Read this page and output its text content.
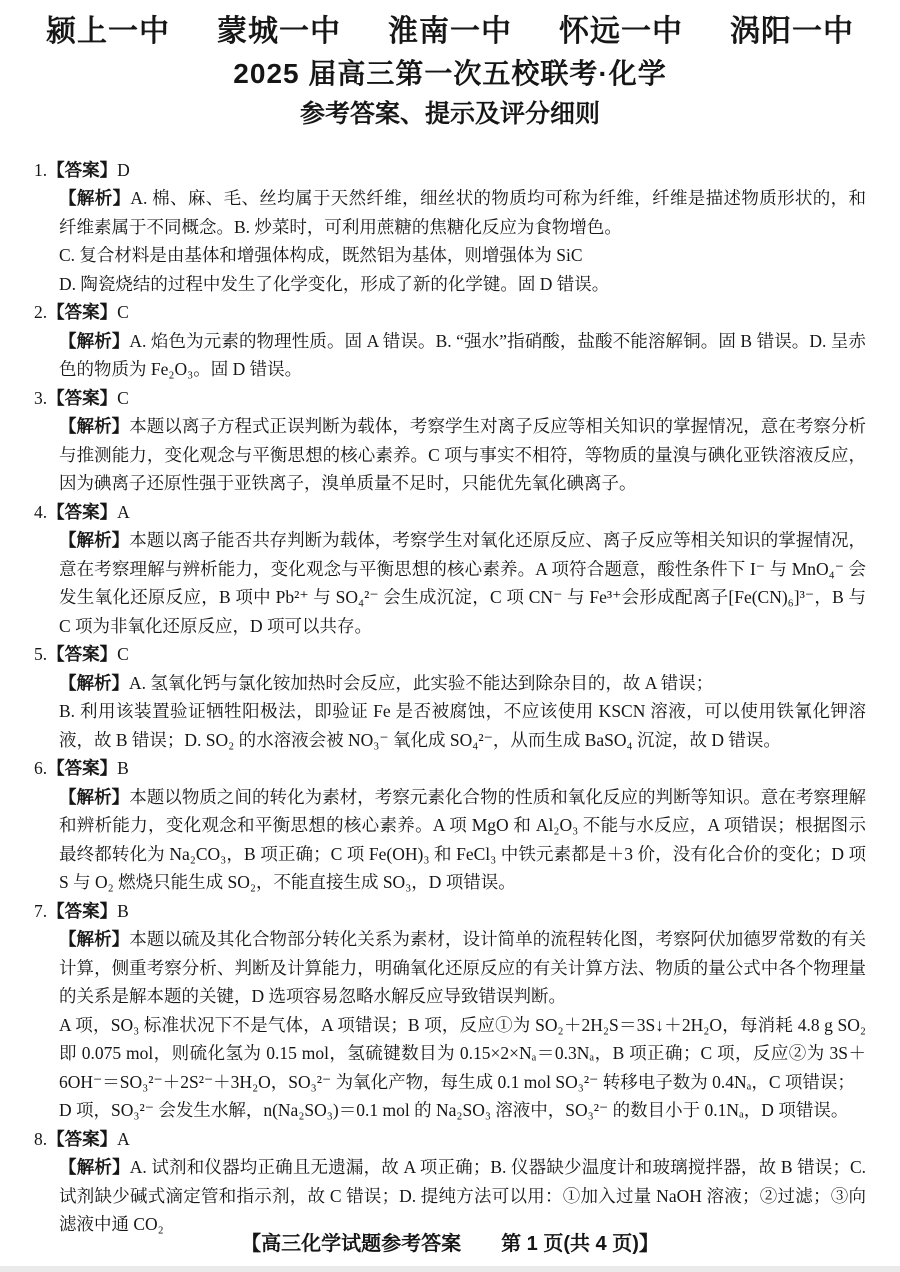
颍上一中 蒙城一中 淮南一中 怀远一中 涡阳一中
2025 届高三第一次五校联考·化学
参考答案、提示及评分细则
1.【答案】D

【解析】A. 棉、麻、毛、丝均属于天然纤维，细丝状的物质均可称为纤维，纤维是描述物质形状的，和纤维素属于不同概念。B. 炒菜时，可利用蔗糖的焦糖化反应为食物增色。

C. 复合材料是由基体和增强体构成，既然铝为基体，则增强体为 SiC

D. 陶瓷烧结的过程中发生了化学变化，形成了新的化学键。固 D 错误。

2.【答案】C

【解析】A. 焰色为元素的物理性质。固 A 错误。B. “强水”指硝酸，盐酸不能溶解铜。固 B 错误。D. 呈赤色的物质为 Fe₂O₃。固 D 错误。

3.【答案】C

【解析】本题以离子方程式正误判断为载体，考察学生对离子反应等相关知识的掌握情况，意在考察分析与推测能力，变化观念与平衡思想的核心素养。C 项与事实不相符，等物质的量溴与碘化亚铁溶液反应，因为碘离子还原性强于亚铁离子，溴单质量不足时，只能优先氧化碘离子。

4.【答案】A

【解析】本题以离子能否共存判断为载体，考察学生对氧化还原反应、离子反应等相关知识的掌握情况，意在考察理解与辨析能力，变化观念与平衡思想的核心素养。A 项符合题意，酸性条件下 I⁻ 与 MnO₄⁻ 会发生氧化还原反应，B 项中 Pb²⁺ 与 SO₄²⁻ 会生成沉淀，C 项 CN⁻ 与 Fe³⁺会形成配离子[Fe(CN)₆]³⁻，B 与 C 项为非氧化还原反应，D 项可以共存。

5.【答案】C

【解析】A. 氢氧化钙与氯化铵加热时会反应，此实验不能达到除杂目的，故 A 错误；

B. 利用该装置验证牺牲阳极法，即验证 Fe 是否被腐蚀，不应该使用 KSCN 溶液，可以使用铁氰化钾溶液，故 B 错误；D. SO₂ 的水溶液会被 NO₃⁻ 氧化成 SO₄²⁻，从而生成 BaSO₄ 沉淀，故 D 错误。

6.【答案】B

【解析】本题以物质之间的转化为素材，考察元素化合物的性质和氧化反应的判断等知识。意在考察理解和辨析能力，变化观念和平衡思想的核心素养。A 项 MgO 和 Al₂O₃ 不能与水反应，A 项错误；根据图示最终都转化为 Na₂CO₃，B 项正确；C 项 Fe(OH)₃ 和 FeCl₃ 中铁元素都是＋3 价，没有化合价的变化；D 项 S 与 O₂ 燃烧只能生成 SO₂，不能直接生成 SO₃，D 项错误。

7.【答案】B

【解析】本题以硫及其化合物部分转化关系为素材，设计简单的流程转化图，考察阿伏加德罗常数的有关计算，侧重考察分析、判断及计算能力，明确氧化还原反应的有关计算方法、物质的量公式中各个物理量的关系是解本题的关键，D 选项容易忽略水解反应导致错误判断。

A 项，SO₃ 标准状况下不是气体，A 项错误；B 项，反应①为 SO₂＋2H₂S＝3S↓＋2H₂O，每消耗 4.8 g SO₂ 即 0.075 mol，则硫化氢为 0.15 mol，氢硫键数目为 0.15×2×Nₐ＝0.3Nₐ，B 项正确；C 项，反应②为 3S＋6OH⁻＝SO₃²⁻＋2S²⁻＋3H₂O，SO₃²⁻ 为氧化产物，每生成 0.1 mol SO₃²⁻ 转移电子数为 0.4Nₐ，C 项错误；

D 项，SO₃²⁻ 会发生水解，n(Na₂SO₃)＝0.1 mol 的 Na₂SO₃ 溶液中，SO₃²⁻ 的数目小于 0.1Nₐ，D 项错误。

8.【答案】A

【解析】A. 试剂和仪器均正确且无遗漏，故 A 项正确；B. 仪器缺少温度计和玻璃搅拌器，故 B 错误；C. 试剂缺少碱式滴定管和指示剂，故 C 错误；D. 提纯方法可以用：①加入过量 NaOH 溶液；②过滤；③向滤液中通 CO₂

【高三化学试题参考答案　　第 1 页(共 4 页)】
